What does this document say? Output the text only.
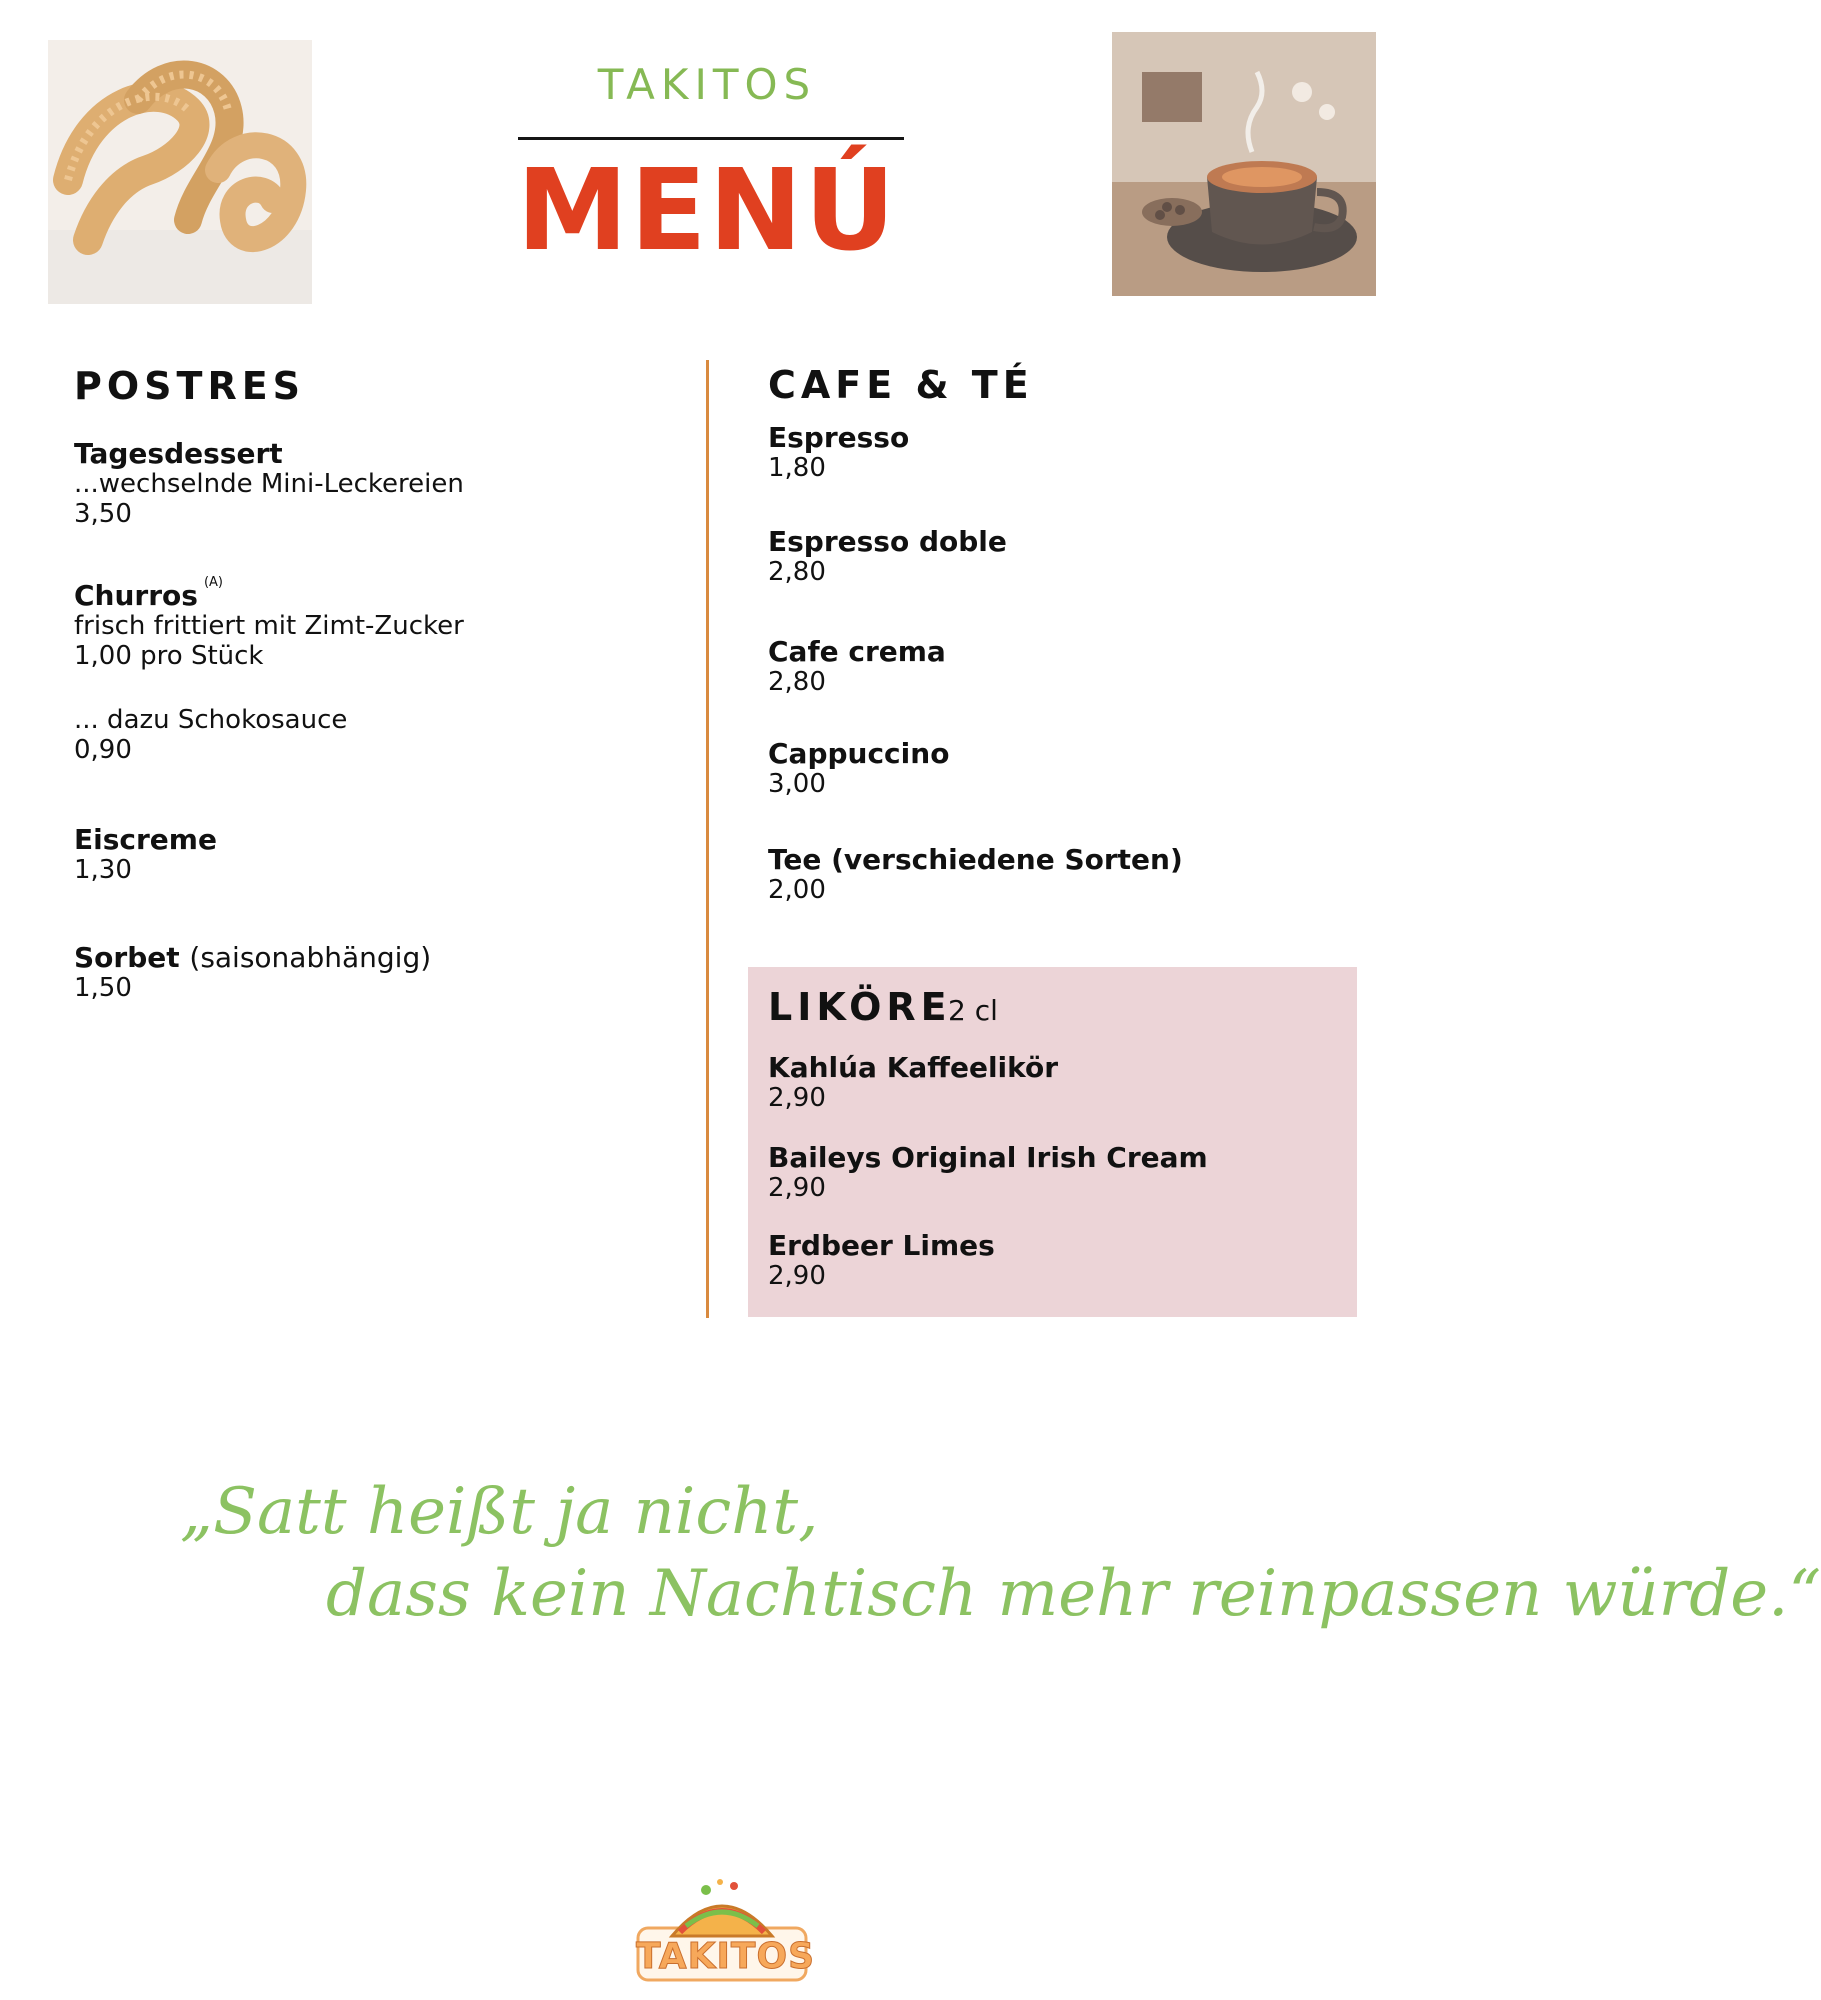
TAKITOS
MENÚ
POSTRES
Tagesdessert
...wechselnde Mini-Leckereien
3,50
Churros $^{(A)}$
frisch frittiert mit Zimt-Zucker
1,00 pro Stück
... dazu Schokosauce
0,90
Eiscreme
1,30
Sorbet (saisonabhängig)
1,50
CAFE & TÉ
Espresso
1,80
Espresso doble
2,80
Cafe crema
2,80
Cappuccino
3,00
Tee (verschiedene Sorten)
2,00
LIKÖRE
2 cl
Kahlúa Kaffeelikör
2,90
Baileys Original Irish Cream
2,90
Erdbeer Limes
2,90
„Satt heißt ja nicht,
dass kein Nachtisch mehr reinpassen würde.“
TAKITOS
